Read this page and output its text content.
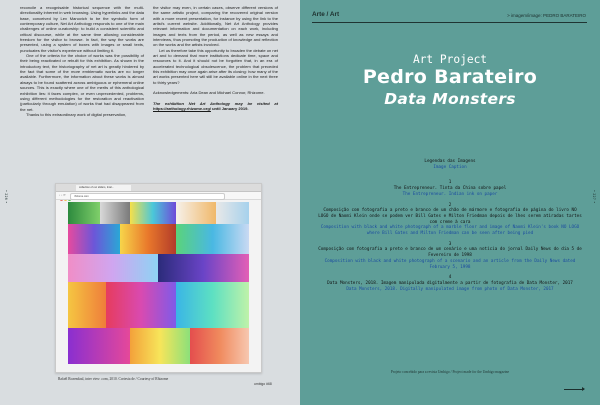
• 226 •

reconcile a recognisable historical sequence with the multi-directionality inherent in web browsing. Using hyperlinks and the data base, conceived by Lev Manovich to be the symbolic form of contemporary culture, Net Art Anthology responds to one of the main challenges of online curatorship: to build a consistent scientific and critical discourse, while at the same time allowing considerable freedom for the visitor to browse. In fact, the way the works are presented, using a system of boxes with images or small texts, punctuates the visitor's experience without limiting it.

One of the criteria for the choice of works was the possibility of their being reactivated or rebuilt for this exhibition. As shown in the introductory text, the historiography of net art is greatly hindered by the fact that some of the more emblematic works are no longer available. Furthermore, the information about these works is almost always to be found scattered across ambiguous or ephemeral online sources. This is exactly where one of the merits of this anthological exhibition lies: it faces complex, or even unprecedented, problems, using different methodologies for the restoration and reactivation (particularly through emulation) of works that had disappeared from the net.

Thanks to this extraordinary work of digital preservation,

the visitor may even, in certain cases, observe different versions of the same artistic project, comparing the recovered original version with a more recent presentation, for instance by using the link to the artist's current website. Additionally, Net Art Anthology provides relevant information and documentation on each work, including images and texts from the period, as well as new essays and interviews, thus promoting the production of knowledge and reflection on the works and the artists involved.

Let us therefore take this opportunity to broaden the debate on net art and to demand that more institutions dedicate time, space and resources to it. And it should not be forgotten that, in an era of accelerated technological obsolescence, the problem that preceded this exhibition may once again arise after its closing: how many of the art works presented here will still be available online in the next three to thirty years?

Acknowledgements: Aria Dean and Michael Connor, Rhizome.

The exhibition Net Art Anthology may be visited at https://anthology.rhizome.org/ until January 2019.

collection of our sliders, Intel...
‹ › ⟳	rhizome.com
Rafaël Rozendaal, inter view .com, 2010. Cortesia de / Courtesy of Rhizome
umbigo #68
• 227 •
Arte / Art	> imagem/image: PEDRO BARATEIRO
Art Project
Pedro Barateiro
Data Monsters
Legendas das Imagens
Image Caption
1
The Entrepreneur. Tinta da China sobre papel
The Entrepreneur. Indian ink on paper
2
Composição com fotografia a preto e branco de um chão de mármore e fotografia de página do livro NO LOGO de Naomi Klein onde se podem ver Bill Gates e Milton Friedman depois de lhes serem atiradas tartes com creme à cara
Composition with black and white photograph of a marble floor and image of Naomi Klein's book NO LOGO where Bill Gates and Milton Friedman can be seen after being pied
3
Composição com fotografia a preto e branco de um cenário e uma notícia do jornal Daily News do dia 5 de Fevereiro de 1998
Composition with black and white photograph of a scenario and an article from the Daily News dated February 5, 1998
4
Data Monsters, 2018. Imagem manipulada digitalmente a partir de fotografia de Data Monster, 2017
Data Monsters, 2018. Digitally manipulated image from photo of Data Monster, 2017
Projeto concebido para a revista Umbigo / Project made for the Umbigo magazine
